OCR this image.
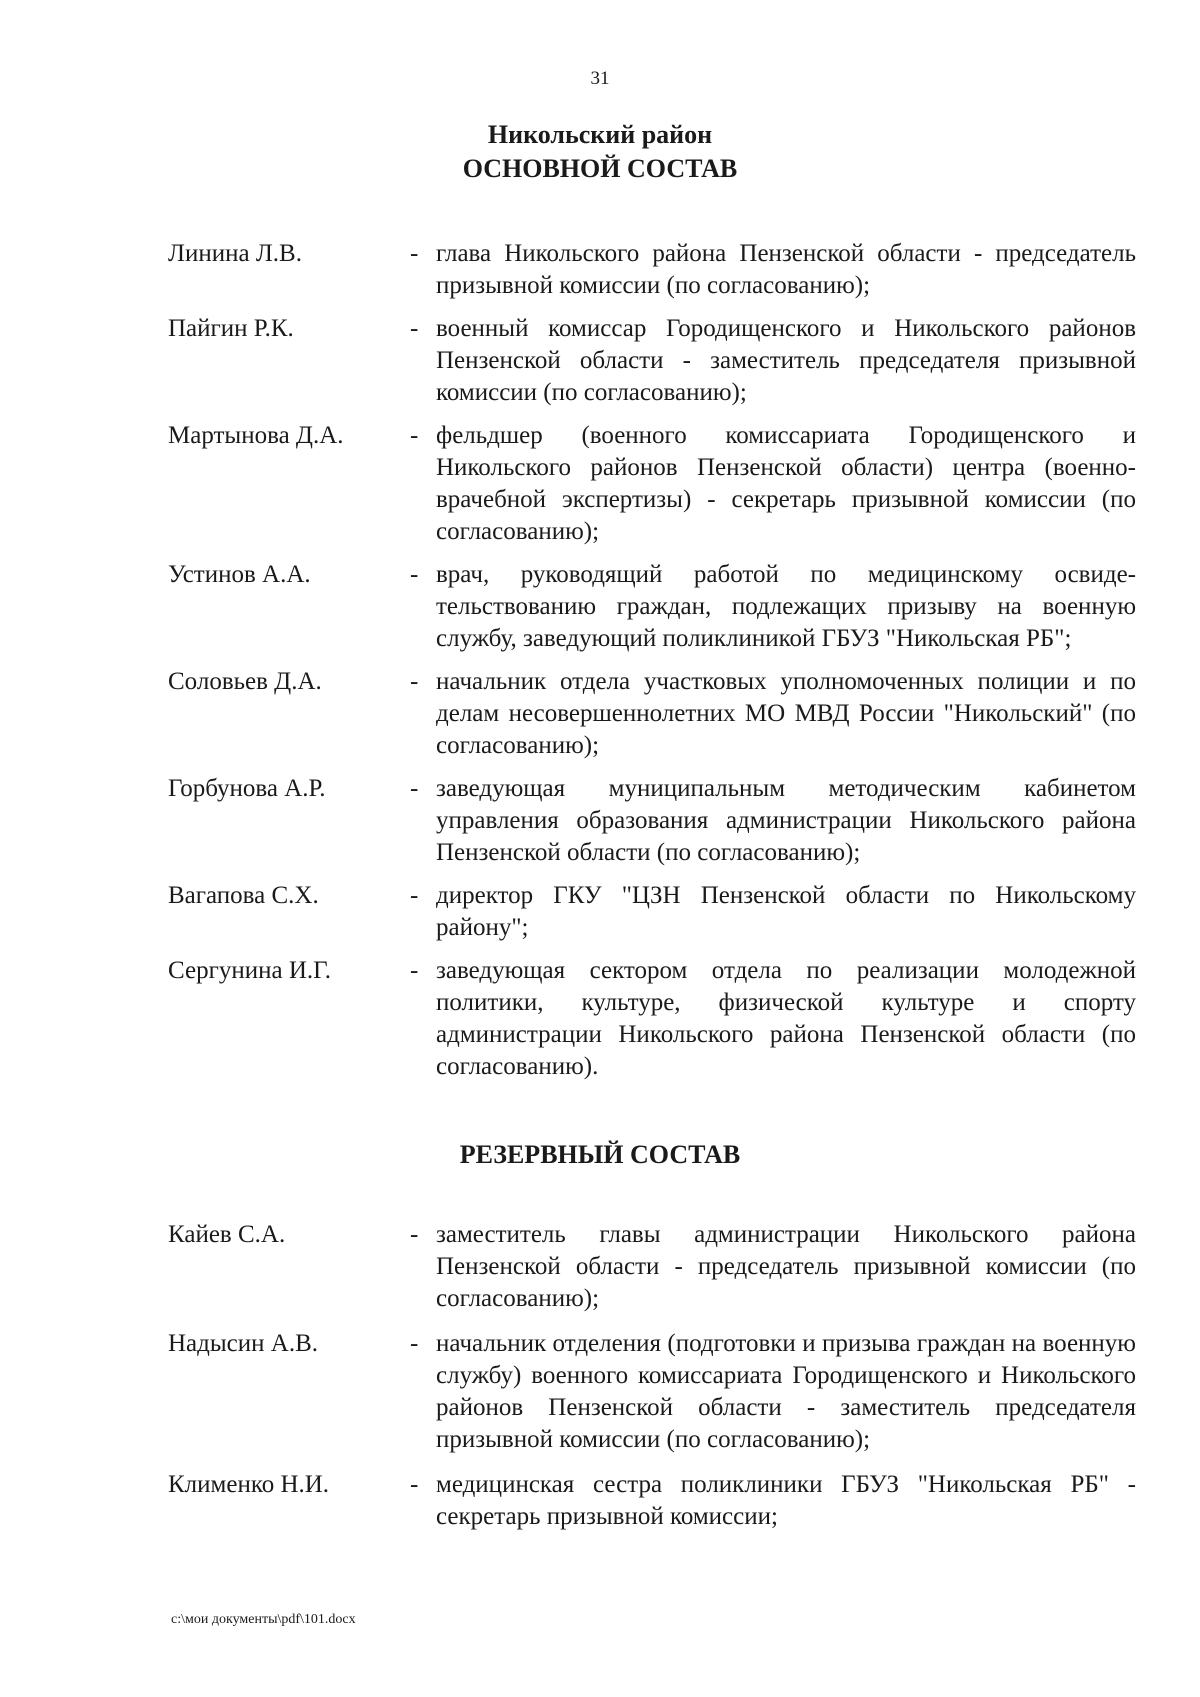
31
Никольский район
ОСНОВНОЙ СОСТАВ
Линина Л.В.	- глава Никольского района Пензенской области - председатель призывной комиссии (по согласованию);
Пайгин Р.К.	- военный комиссар Городищенского и Никольского районов Пензенской области - заместитель председателя призывной комиссии (по согласованию);
Мартынова Д.А.	- фельдшер (военного комиссариата Городищенского и Никольского районов Пензенской области) центра (военно-врачебной экспертизы) - секретарь призывной комиссии (по согласованию);
Устинов А.А.	- врач, руководящий работой по медицинскому освиде-тельствованию граждан, подлежащих призыву на военную службу, заведующий поликлиникой ГБУЗ "Никольская РБ";
Соловьев Д.А.	- начальник отдела участковых уполномоченных полиции и по делам несовершеннолетних МО МВД России "Никольский" (по согласованию);
Горбунова А.Р.	- заведующая муниципальным методическим кабинетом управления образования администрации Никольского района Пензенской области (по согласованию);
Вагапова С.Х.	- директор ГКУ "ЦЗН Пензенской области по Никольскому району";
Сергунина И.Г.	- заведующая сектором отдела по реализации молодежной политики, культуре, физической культуре и спорту администрации Никольского района Пензенской области (по согласованию).
РЕЗЕРВНЫЙ СОСТАВ
Кайев С.А.	- заместитель главы администрации Никольского района Пензенской области - председатель призывной комиссии (по согласованию);
Надысин А.В.	- начальник отделения (подготовки и призыва граждан на военную службу) военного комиссариата Городищенского и Никольского районов Пензенской области - заместитель председателя призывной комиссии (по согласованию);
Клименко Н.И.	- медицинская сестра поликлиники ГБУЗ "Никольская РБ" - секретарь призывной комиссии;
c:\мои документы\pdf\101.docx
